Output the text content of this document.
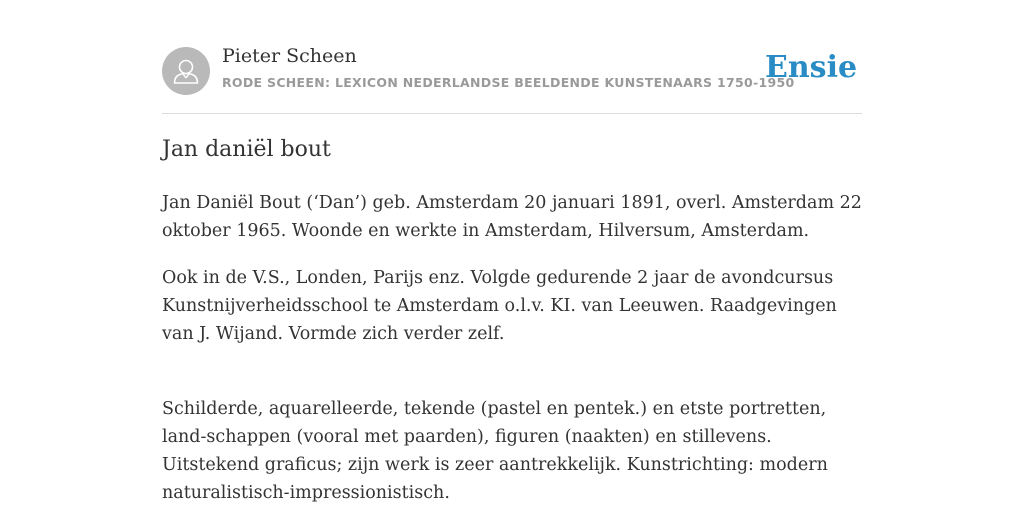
Pieter Scheen
RODE SCHEEN: LEXICON NEDERLANDSE BEELDENDE KUNSTENAARS 1750-1950
Ensie
Jan daniël bout

Jan Daniël Bout (‘Dan’) geb. Amsterdam 20 januari 1891, overl. Amsterdam 22 oktober 1965. Woonde en werkte in Amsterdam, Hilversum, Amsterdam.

Ook in de V.S., Londen, Parijs enz. Volgde gedurende 2 jaar de avondcursus Kunstnijverheidsschool te Amsterdam o.l.v. KI. van Leeuwen. Raadgevingen van J. Wijand. Vormde zich verder zelf.

Schilderde, aquarelleerde, tekende (pastel en pentek.) en etste portretten, land-schappen (vooral met paarden), figuren (naakten) en stillevens. Uitstekend graficus; zijn werk is zeer aantrekkelijk. Kunstrichting: modern naturalistisch-impressionistisch.
